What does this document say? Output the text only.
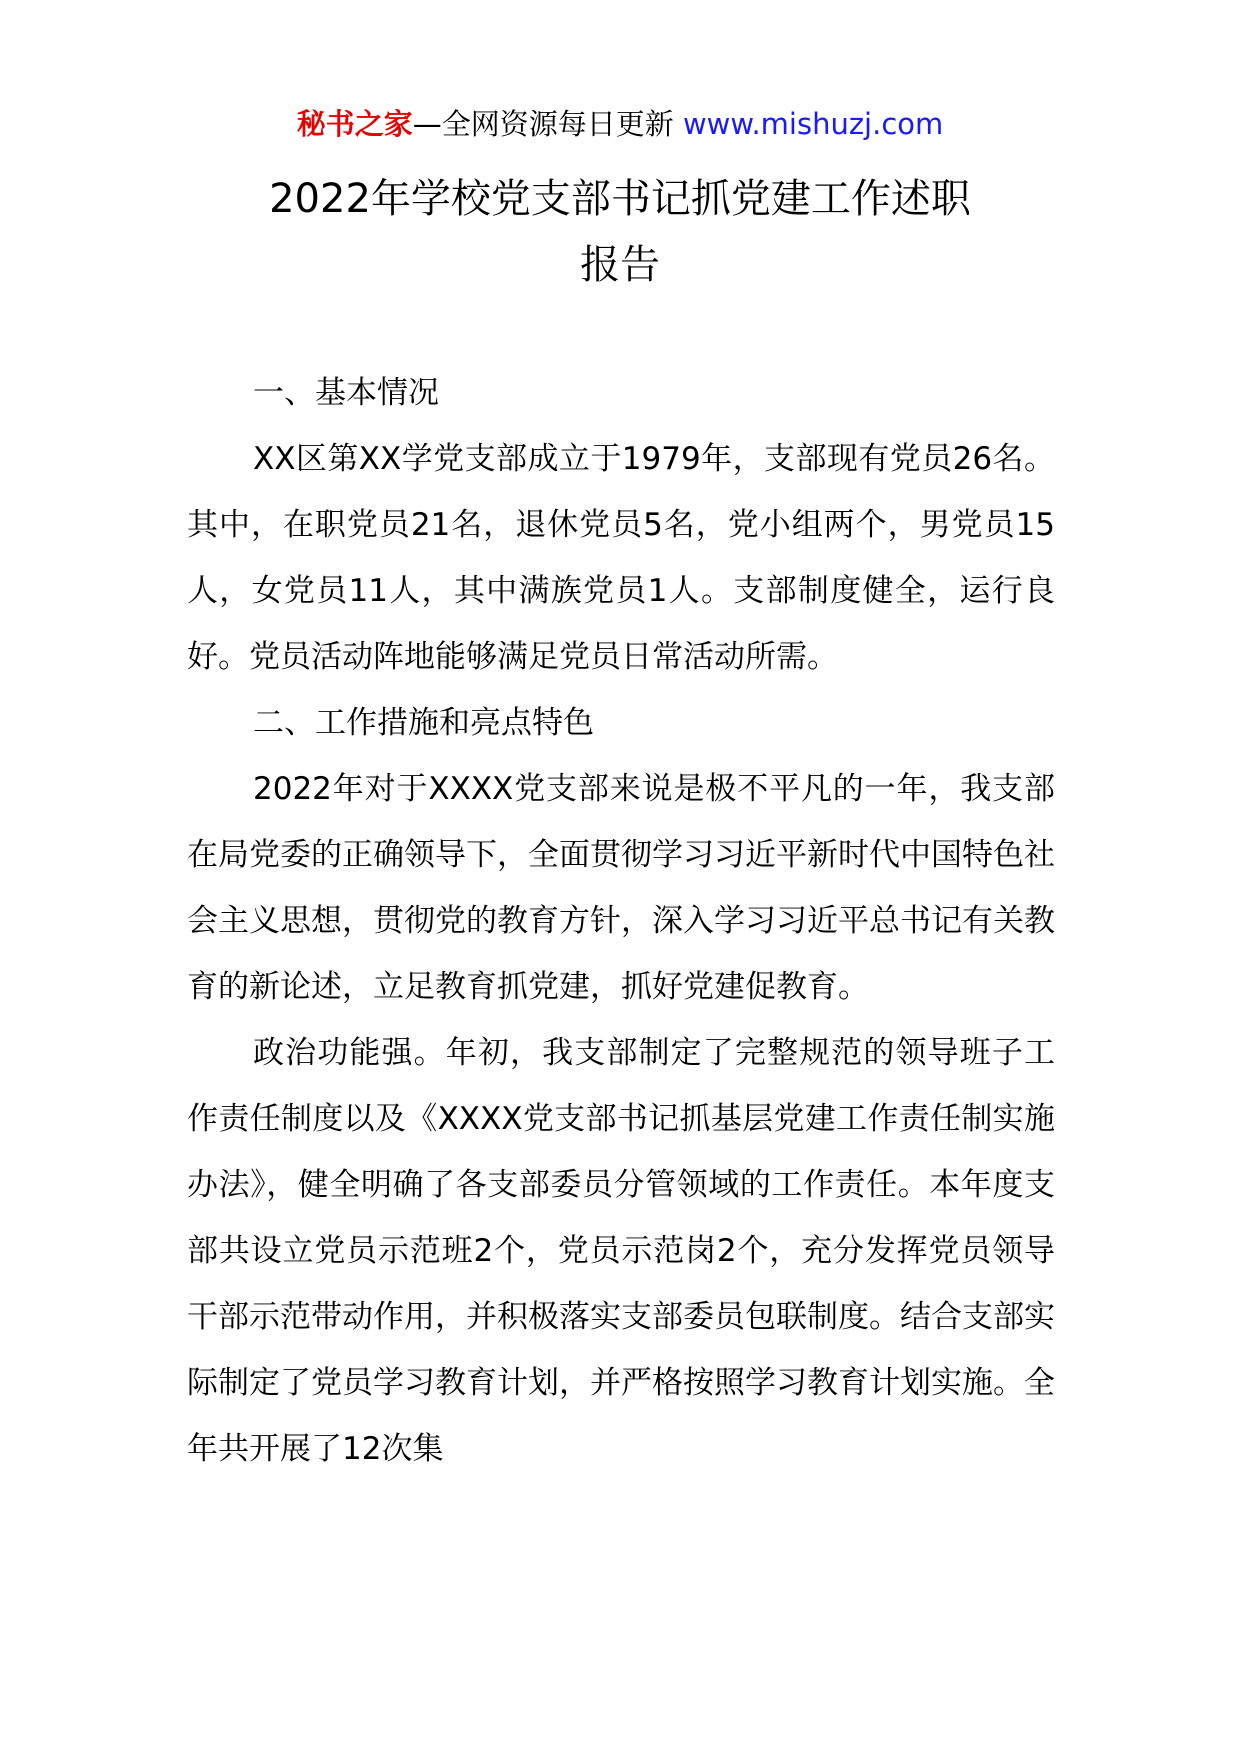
秘书之家—全网资源每日更新 www.mishuzj.com
2022年学校党支部书记抓党建工作述职
报告

一、基本情况

XX区第XX学党支部成立于1979年，支部现有党员26名。其中，在职党员21名，退休党员5名，党小组两个，男党员15人，女党员11人，其中满族党员1人。支部制度健全，运行良好。党员活动阵地能够满足党员日常活动所需。

二、工作措施和亮点特色

2022年对于XXXX党支部来说是极不平凡的一年，我支部在局党委的正确领导下，全面贯彻学习习近平新时代中国特色社会主义思想，贯彻党的教育方针，深入学习习近平总书记有关教育的新论述，立足教育抓党建，抓好党建促教育。

政治功能强。年初，我支部制定了完整规范的领导班子工作责任制度以及《XXXX党支部书记抓基层党建工作责任制实施办法》，健全明确了各支部委员分管领域的工作责任。本年度支部共设立党员示范班2个，党员示范岗2个，充分发挥党员领导干部示范带动作用，并积极落实支部委员包联制度。结合支部实际制定了党员学习教育计划，并严格按照学习教育计划实施。全年共开展了12次集
